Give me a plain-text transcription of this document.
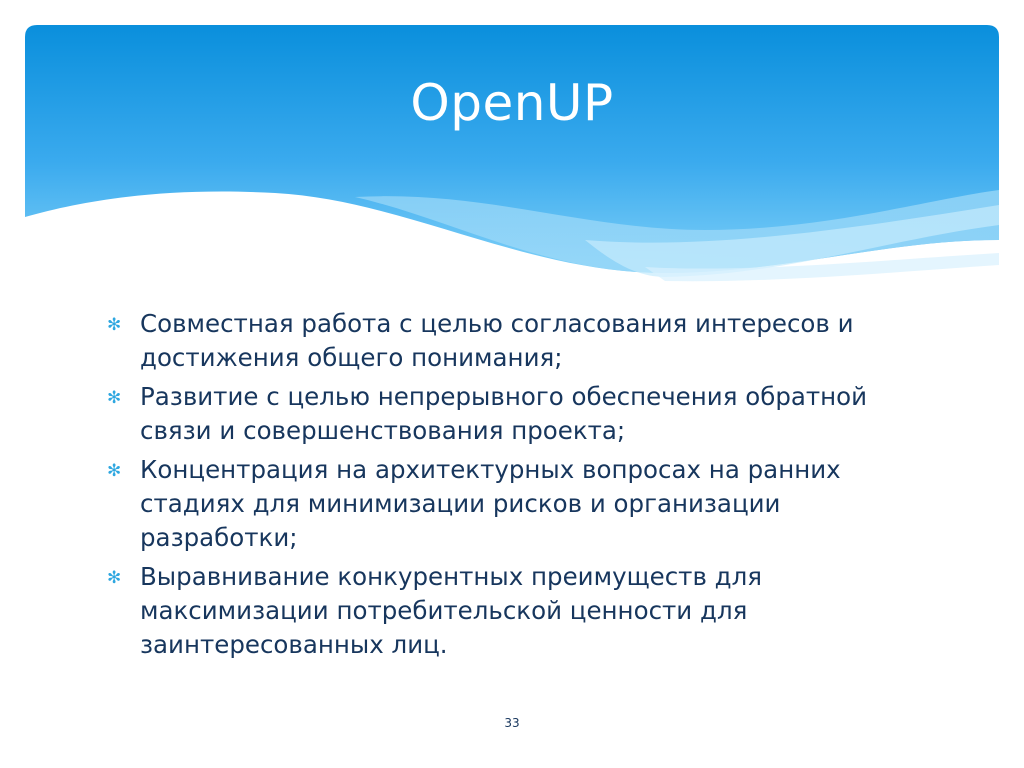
OpenUP
✻ Совместная работа с целью согласования интересов и достижения общего понимания;
✻ Развитие с целью непрерывного обеспечения обратной связи и совершенствования проекта;
✻ Концентрация на архитектурных вопросах на ранних стадиях для минимизации рисков и организации разработки;
✻ Выравнивание конкурентных преимуществ для максимизации потребительской ценности для заинтересованных лиц.
33
